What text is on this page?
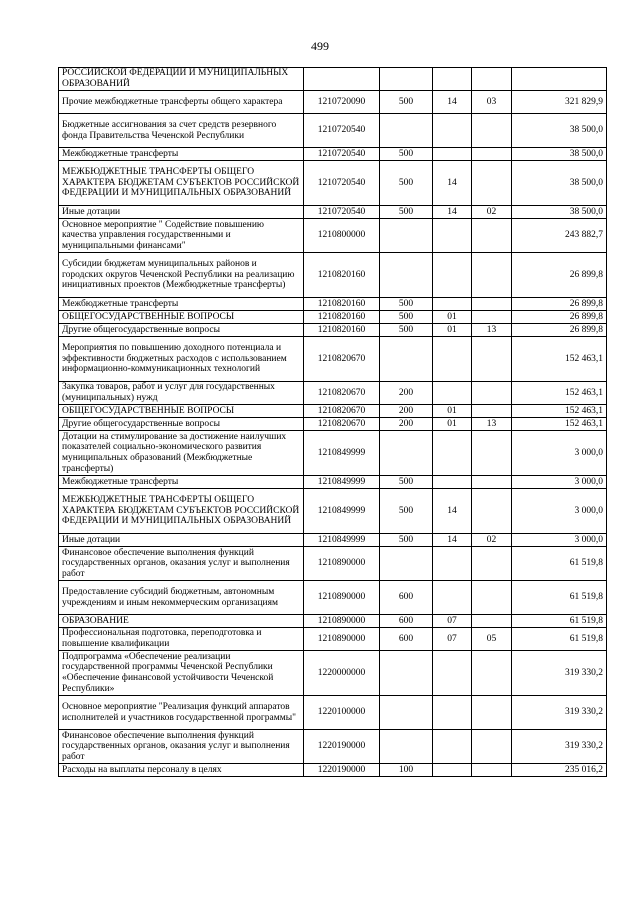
499
РОССИЙСКОЙ ФЕДЕРАЦИИ И МУНИЦИПАЛЬНЫХ ОБРАЗОВАНИЙ					
Прочие межбюджетные трансферты общего характера	1210720090	500	14	03	321 829,9
Бюджетные ассигнования за счет средств резервного фонда Правительства Чеченской Республики	1210720540				38 500,0
Межбюджетные трансферты	1210720540	500			38 500,0
МЕЖБЮДЖЕТНЫЕ ТРАНСФЕРТЫ ОБЩЕГО ХАРАКТЕРА БЮДЖЕТАМ СУБЪЕКТОВ РОССИЙСКОЙ ФЕДЕРАЦИИ И МУНИЦИПАЛЬНЫХ ОБРАЗОВАНИЙ	1210720540	500	14		38 500,0
Иные дотации	1210720540	500	14	02	38 500,0
Основное мероприятие " Содействие повышению качества управления государственными и муниципальными финансами"	1210800000				243 882,7
Субсидии бюджетам муниципальных районов и городских округов Чеченской Республики на реализацию инициативных проектов (Межбюджетные трансферты)	1210820160				26 899,8
Межбюджетные трансферты	1210820160	500			26 899,8
ОБЩЕГОСУДАРСТВЕННЫЕ ВОПРОСЫ	1210820160	500	01		26 899,8
Другие общегосударственные вопросы	1210820160	500	01	13	26 899,8
Мероприятия по повышению доходного потенциала и эффективности бюджетных расходов с использованием информационно-коммуникационных технологий	1210820670				152 463,1
Закупка товаров, работ и услуг для государственных (муниципальных) нужд	1210820670	200			152 463,1
ОБЩЕГОСУДАРСТВЕННЫЕ ВОПРОСЫ	1210820670	200	01		152 463,1
Другие общегосударственные вопросы	1210820670	200	01	13	152 463,1
Дотации на стимулирование за достижение наилучших показателей социально-экономического развития муниципальных образований (Межбюджетные трансферты)	1210849999				3 000,0
Межбюджетные трансферты	1210849999	500			3 000,0
МЕЖБЮДЖЕТНЫЕ ТРАНСФЕРТЫ ОБЩЕГО ХАРАКТЕРА БЮДЖЕТАМ СУБЪЕКТОВ РОССИЙСКОЙ ФЕДЕРАЦИИ И МУНИЦИПАЛЬНЫХ ОБРАЗОВАНИЙ	1210849999	500	14		3 000,0
Иные дотации	1210849999	500	14	02	3 000,0
Финансовое обеспечение выполнения функций государственных органов, оказания услуг и выполнения работ	1210890000				61 519,8
Предоставление субсидий бюджетным, автономным учреждениям и иным некоммерческим организациям	1210890000	600			61 519,8
ОБРАЗОВАНИЕ	1210890000	600	07		61 519,8
Профессиональная подготовка, переподготовка и повышение квалификации	1210890000	600	07	05	61 519,8
Подпрограмма «Обеспечение реализации государственной программы Чеченской Республики «Обеспечение финансовой устойчивости Чеченской Республики»	1220000000				319 330,2
Основное мероприятие "Реализация функций аппаратов исполнителей и участников государственной программы"	1220100000				319 330,2
Финансовое обеспечение выполнения функций государственных органов, оказания услуг и выполнения работ	1220190000				319 330,2
Расходы на выплаты персоналу в целях	1220190000	100			235 016,2
